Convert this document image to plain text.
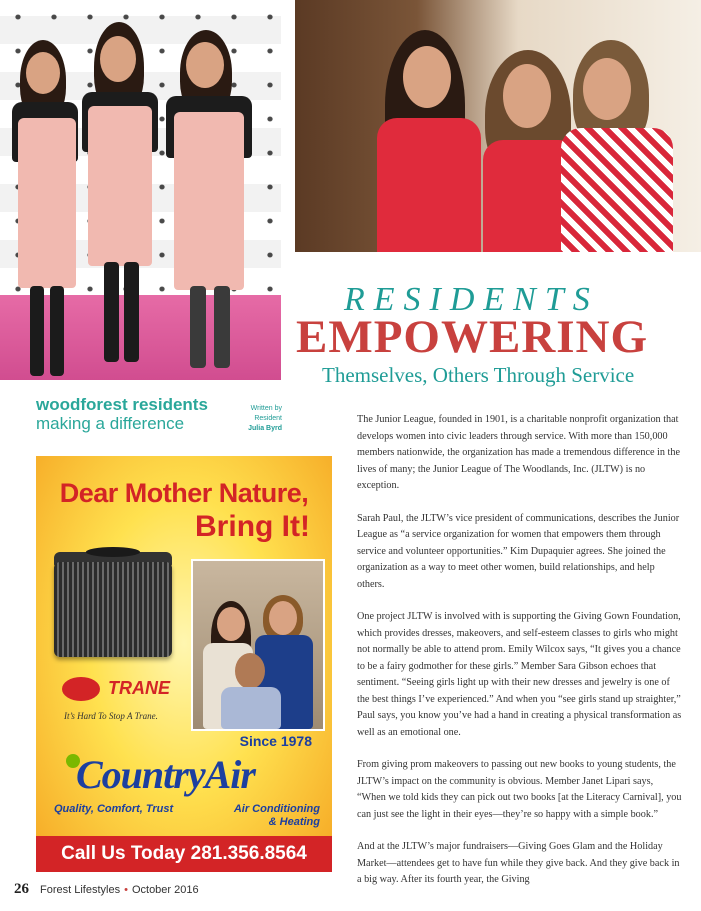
RESIDENTS
EMPOWERING
Themselves, Others Through Service
woodforest residents
making a difference
Written by
Resident
Julia Byrd
Dear Mother Nature,
Bring It!
TRANE
It’s Hard To Stop A Trane.
Since 1978
CountryAir
Quality, Comfort, Trust	Air Conditioning
& Heating
Call Us Today 281.356.8564

The Junior League, founded in 1901, is a charitable nonprofit organization that develops women into civic leaders through service. With more than 150,000 members nationwide, the organization has made a tremendous difference in the lives of many; the Junior League of The Woodlands, Inc. (JLTW) is no exception.

Sarah Paul, the JLTW’s vice president of communications, describes the Junior League as “a service organization for women that empowers them through service and volunteer opportunities.” Kim Dupaquier agrees. She joined the organization as a way to meet other women, build relationships, and help others.

One project JLTW is involved with is supporting the Giving Gown Foundation, which provides dresses, makeovers, and self-esteem classes to girls who might not normally be able to attend prom. Emily Wilcox says, “It gives you a chance to be a fairy godmother for these girls.” Member Sara Gibson echoes that sentiment. “Seeing girls light up with their new dresses and jewelry is one of the best things I’ve experienced.” And when you “see girls stand up straighter,” Paul says, you know you’ve had a hand in creating a physical transformation as well as an emotional one.

From giving prom makeovers to passing out new books to young students, the JLTW’s impact on the community is obvious. Member Janet Lipari says, “When we told kids they can pick out two books [at the Literacy Carnival], you can just see the light in their eyes—they’re so happy with a simple book.”

And at the JLTW’s major fundraisers—Giving Goes Glam and the Holiday Market—attendees get to have fun while they give back. And they give back in a big way. After its fourth year, the Giving

26 Forest Lifestyles • October 2016
